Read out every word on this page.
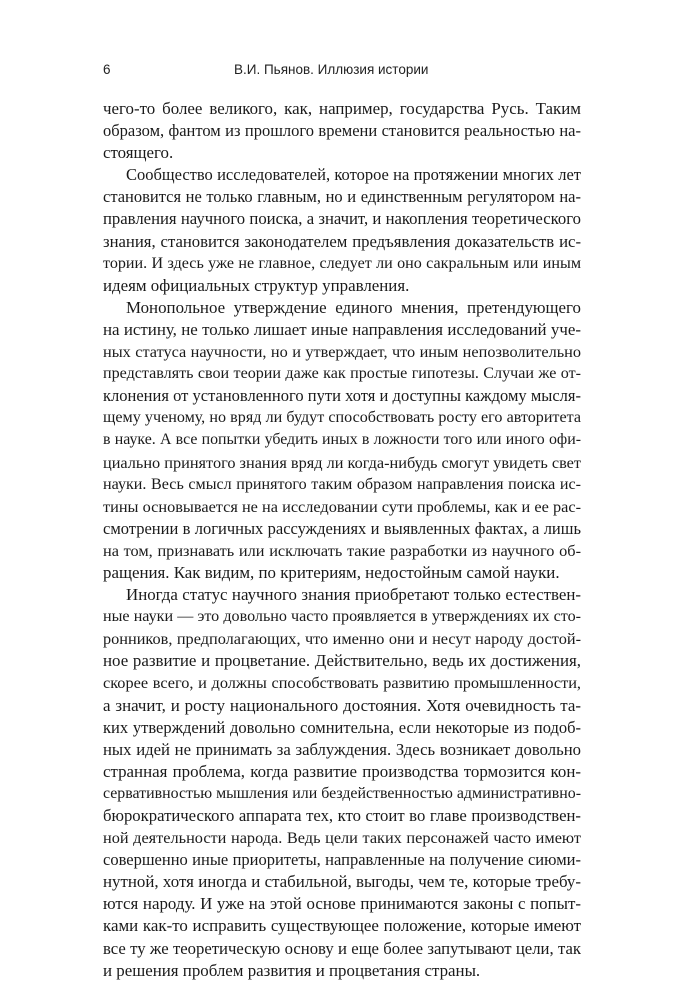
6	В.И. Пьянов. Иллюзия истории

чего-то более великого, как, например, государства Русь. Таким
образом, фантом из прошлого времени становится реальностью на-
стоящего.

Сообщество исследователей, которое на протяжении многих лет
становится не только главным, но и единственным регулятором на-
правления научного поиска, а значит, и накопления теоретического
знания, становится законодателем предъявления доказательств ис-
тории. И здесь уже не главное, следует ли оно сакральным или иным
идеям официальных структур управления.

Монопольное утверждение единого мнения, претендующего
на истину, не только лишает иные направления исследований уче-
ных статуса научности, но и утверждает, что иным непозволительно
представлять свои теории даже как простые гипотезы. Случаи же от-
клонения от установленного пути хотя и доступны каждому мысля-
щему ученому, но вряд ли будут способствовать росту его авторитета
в науке. А все попытки убедить иных в ложности того или иного офи-
циально принятого знания вряд ли когда-нибудь смогут увидеть свет
науки. Весь смысл принятого таким образом направления поиска ис-
тины основывается не на исследовании сути проблемы, как и ее рас-
смотрении в логичных рассуждениях и выявленных фактах, а лишь
на том, признавать или исключать такие разработки из научного об-
ращения. Как видим, по критериям, недостойным самой науки.

Иногда статус научного знания приобретают только естествен-
ные науки — это довольно часто проявляется в утверждениях их сто-
ронников, предполагающих, что именно они и несут народу достой-
ное развитие и процветание. Действительно, ведь их достижения,
скорее всего, и должны способствовать развитию промышленности,
а значит, и росту национального достояния. Хотя очевидность та-
ких утверждений довольно сомнительна, если некоторые из подоб-
ных идей не принимать за заблуждения. Здесь возникает довольно
странная проблема, когда развитие производства тормозится кон-
сервативностью мышления или бездейственностью административно-
бюрократического аппарата тех, кто стоит во главе производствен-
ной деятельности народа. Ведь цели таких персонажей часто имеют
совершенно иные приоритеты, направленные на получение сиюми-
нутной, хотя иногда и стабильной, выгоды, чем те, которые требу-
ются народу. И уже на этой основе принимаются законы с попыт-
ками как-то исправить существующее положение, которые имеют
все ту же теоретическую основу и еще более запутывают цели, так
и решения проблем развития и процветания страны.
